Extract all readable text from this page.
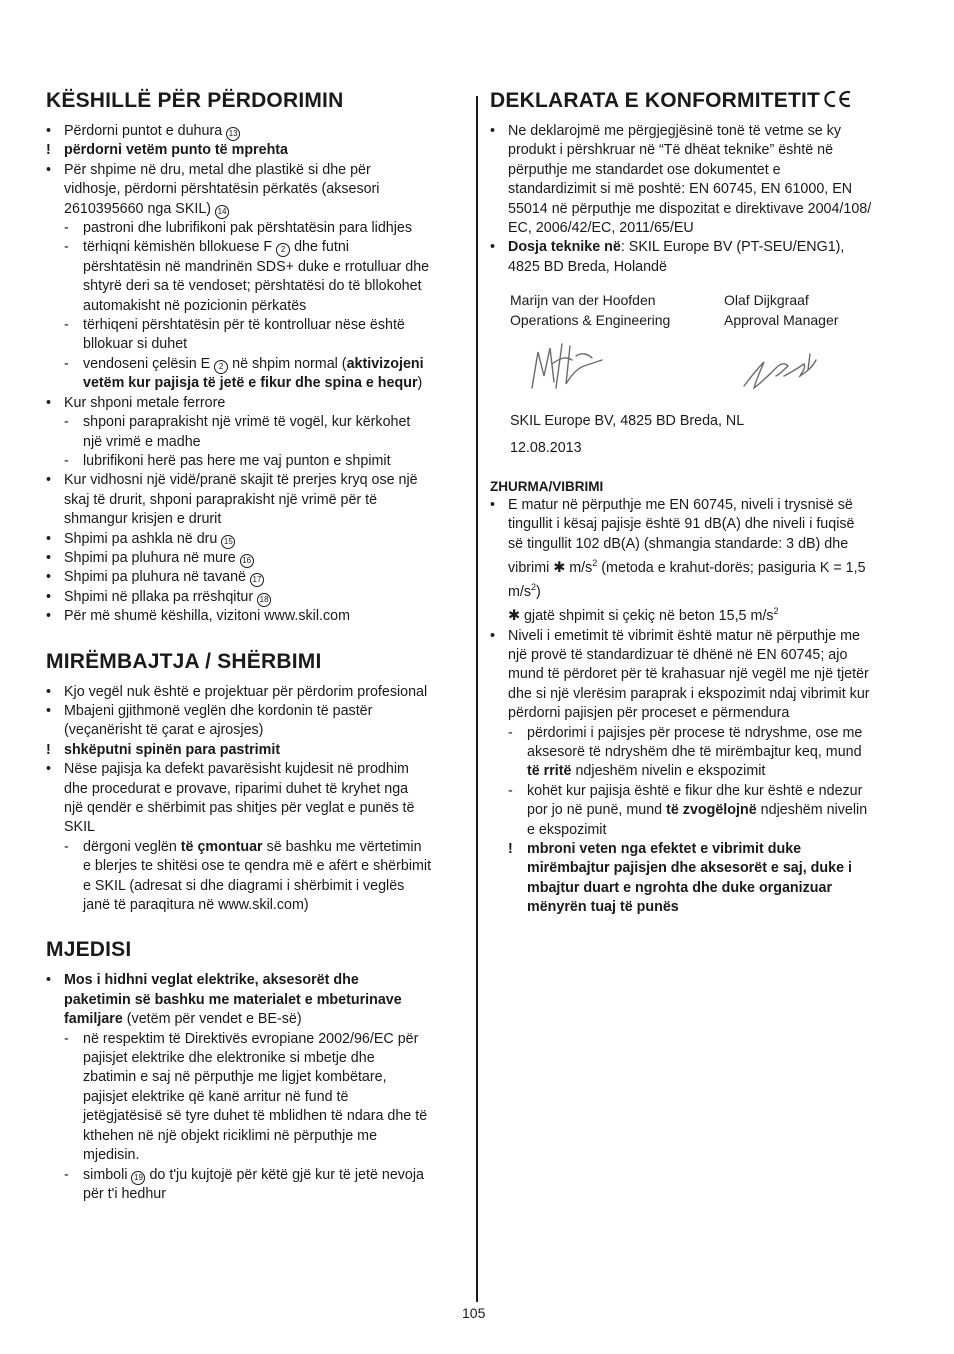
KËSHILLË PËR PËRDORIMIN
• Përdorni puntot e duhura 13
! përdorni vetëm punto të mprehta
• Për shpime në dru, metal dhe plastikë si dhe për
vidhosje, përdorni përshtatësin përkatës (aksesori
2610395660 nga SKIL) 14
- pastroni dhe lubrifikoni pak përshtatësin para lidhjes
- tërhiqni këmishën bllokuese F 2 dhe futni
përshtatësin në mandrinën SDS+ duke e rrotulluar dhe
shtyrë deri sa të vendoset; përshtatësi do të bllokohet
automakisht në pozicionin përkatës
- tërhiqeni përshtatësin për të kontrolluar nëse është
bllokuar si duhet
- vendoseni çelësin E 2 në shpim normal (aktivizojeni
vetëm kur pajisja të jetë e fikur dhe spina e hequr)
• Kur shponi metale ferrore
- shponi paraprakisht një vrimë të vogël, kur kërkohet
një vrimë e madhe
- lubrifikoni herë pas here me vaj punton e shpimit
• Kur vidhosni një vidë/pranë skajit të prerjes kryq ose një
skaj të drurit, shponi paraprakisht një vrimë për të
shmangur krisjen e drurit
• Shpimi pa ashkla në dru 15
• Shpimi pa pluhura në mure 16
• Shpimi pa pluhura në tavanë 17
• Shpimi në pllaka pa rrëshqitur 18
• Për më shumë këshilla, vizitoni www.skil.com
MIRËMBAJTJA / SHËRBIMI
• Kjo vegël nuk është e projektuar për përdorim profesional
• Mbajeni gjithmonë veglën dhe kordonin të pastër
(veçanërisht të çarat e ajrosjes)
! shkëputni spinën para pastrimit
• Nëse pajisja ka defekt pavarësisht kujdesit në prodhim
dhe procedurat e provave, riparimi duhet të kryhet nga
një qendër e shërbimit pas shitjes për veglat e punës të
SKIL
- dërgoni veglën të çmontuar së bashku me vërtetimin
e blerjes te shitësi ose te qendra më e afërt e shërbimit
e SKIL (adresat si dhe diagrami i shërbimit i veglës
janë të paraqitura në www.skil.com)
MJEDISI
• Mos i hidhni veglat elektrike, aksesorët dhe
paketimin së bashku me materialet e mbeturinave
familjare (vetëm për vendet e BE-së)
- në respektim të Direktivës evropiane 2002/96/EC për
pajisjet elektrike dhe elektronike si mbetje dhe
zbatimin e saj në përputhje me ligjet kombëtare,
pajisjet elektrike që kanë arritur në fund të
jetëgjatësisë së tyre duhet të mblidhen të ndara dhe të
kthehen në një objekt riciklimi në përputhje me
mjedisin.
- simboli 19 do t'ju kujtojë për këtë gjë kur të jetë nevoja
për t'i hedhur
DEKLARATA E KONFORMITETIT
• Ne deklarojmë me përgjegjësinë tonë të vetme se ky
produkt i përshkruar në “Të dhëat teknike” është në
përputhje me standardet ose dokumentet e
standardizimit si më poshtë: EN 60745, EN 61000, EN
55014 në përputhje me dispozitat e direktivave 2004/108/
EC, 2006/42/EC, 2011/65/EU
• Dosja teknike në: SKIL Europe BV (PT-SEU/ENG1),
4825 BD Breda, Holandë
Marijn van der Hoofden
Operations & Engineering
Olaf Dijkgraaf
Approval Manager
SKIL Europe BV, 4825 BD Breda, NL
12.08.2013
ZHURMA/VIBRIMI
• E matur në përputhje me EN 60745, niveli i trysnisë së
tingullit i kësaj pajisje është 91 dB(A) dhe niveli i fuqisë
së tingullit 102 dB(A) (shmangia standarde: 3 dB) dhe
vibrimi ✱ $m/s^2$ (metoda e krahut-dorës; pasiguria K = 1,5
$m/s^2$)
✱ gjatë shpimit si çekiç në beton 15,5 $m/s^2$
• Niveli i emetimit të vibrimit është matur në përputhje me
një provë të standardizuar të dhënë në EN 60745; ajo
mund të përdoret për të krahasuar një vegël me një tjetër
dhe si një vlerësim paraprak i ekspozimit ndaj vibrimit kur
përdorni pajisjen për proceset e përmendura
- përdorimi i pajisjes për procese të ndryshme, ose me
aksesorë të ndryshëm dhe të mirëmbajtur keq, mund
të rritë ndjeshëm nivelin e ekspozimit
- kohët kur pajisja është e fikur dhe kur është e ndezur
por jo në punë, mund të zvogëlojnë ndjeshëm nivelin
e ekspozimit
! mbroni veten nga efektet e vibrimit duke
mirëmbajtur pajisjen dhe aksesorët e saj, duke i
mbajtur duart e ngrohta dhe duke organizuar
mënyrën tuaj të punës
105
